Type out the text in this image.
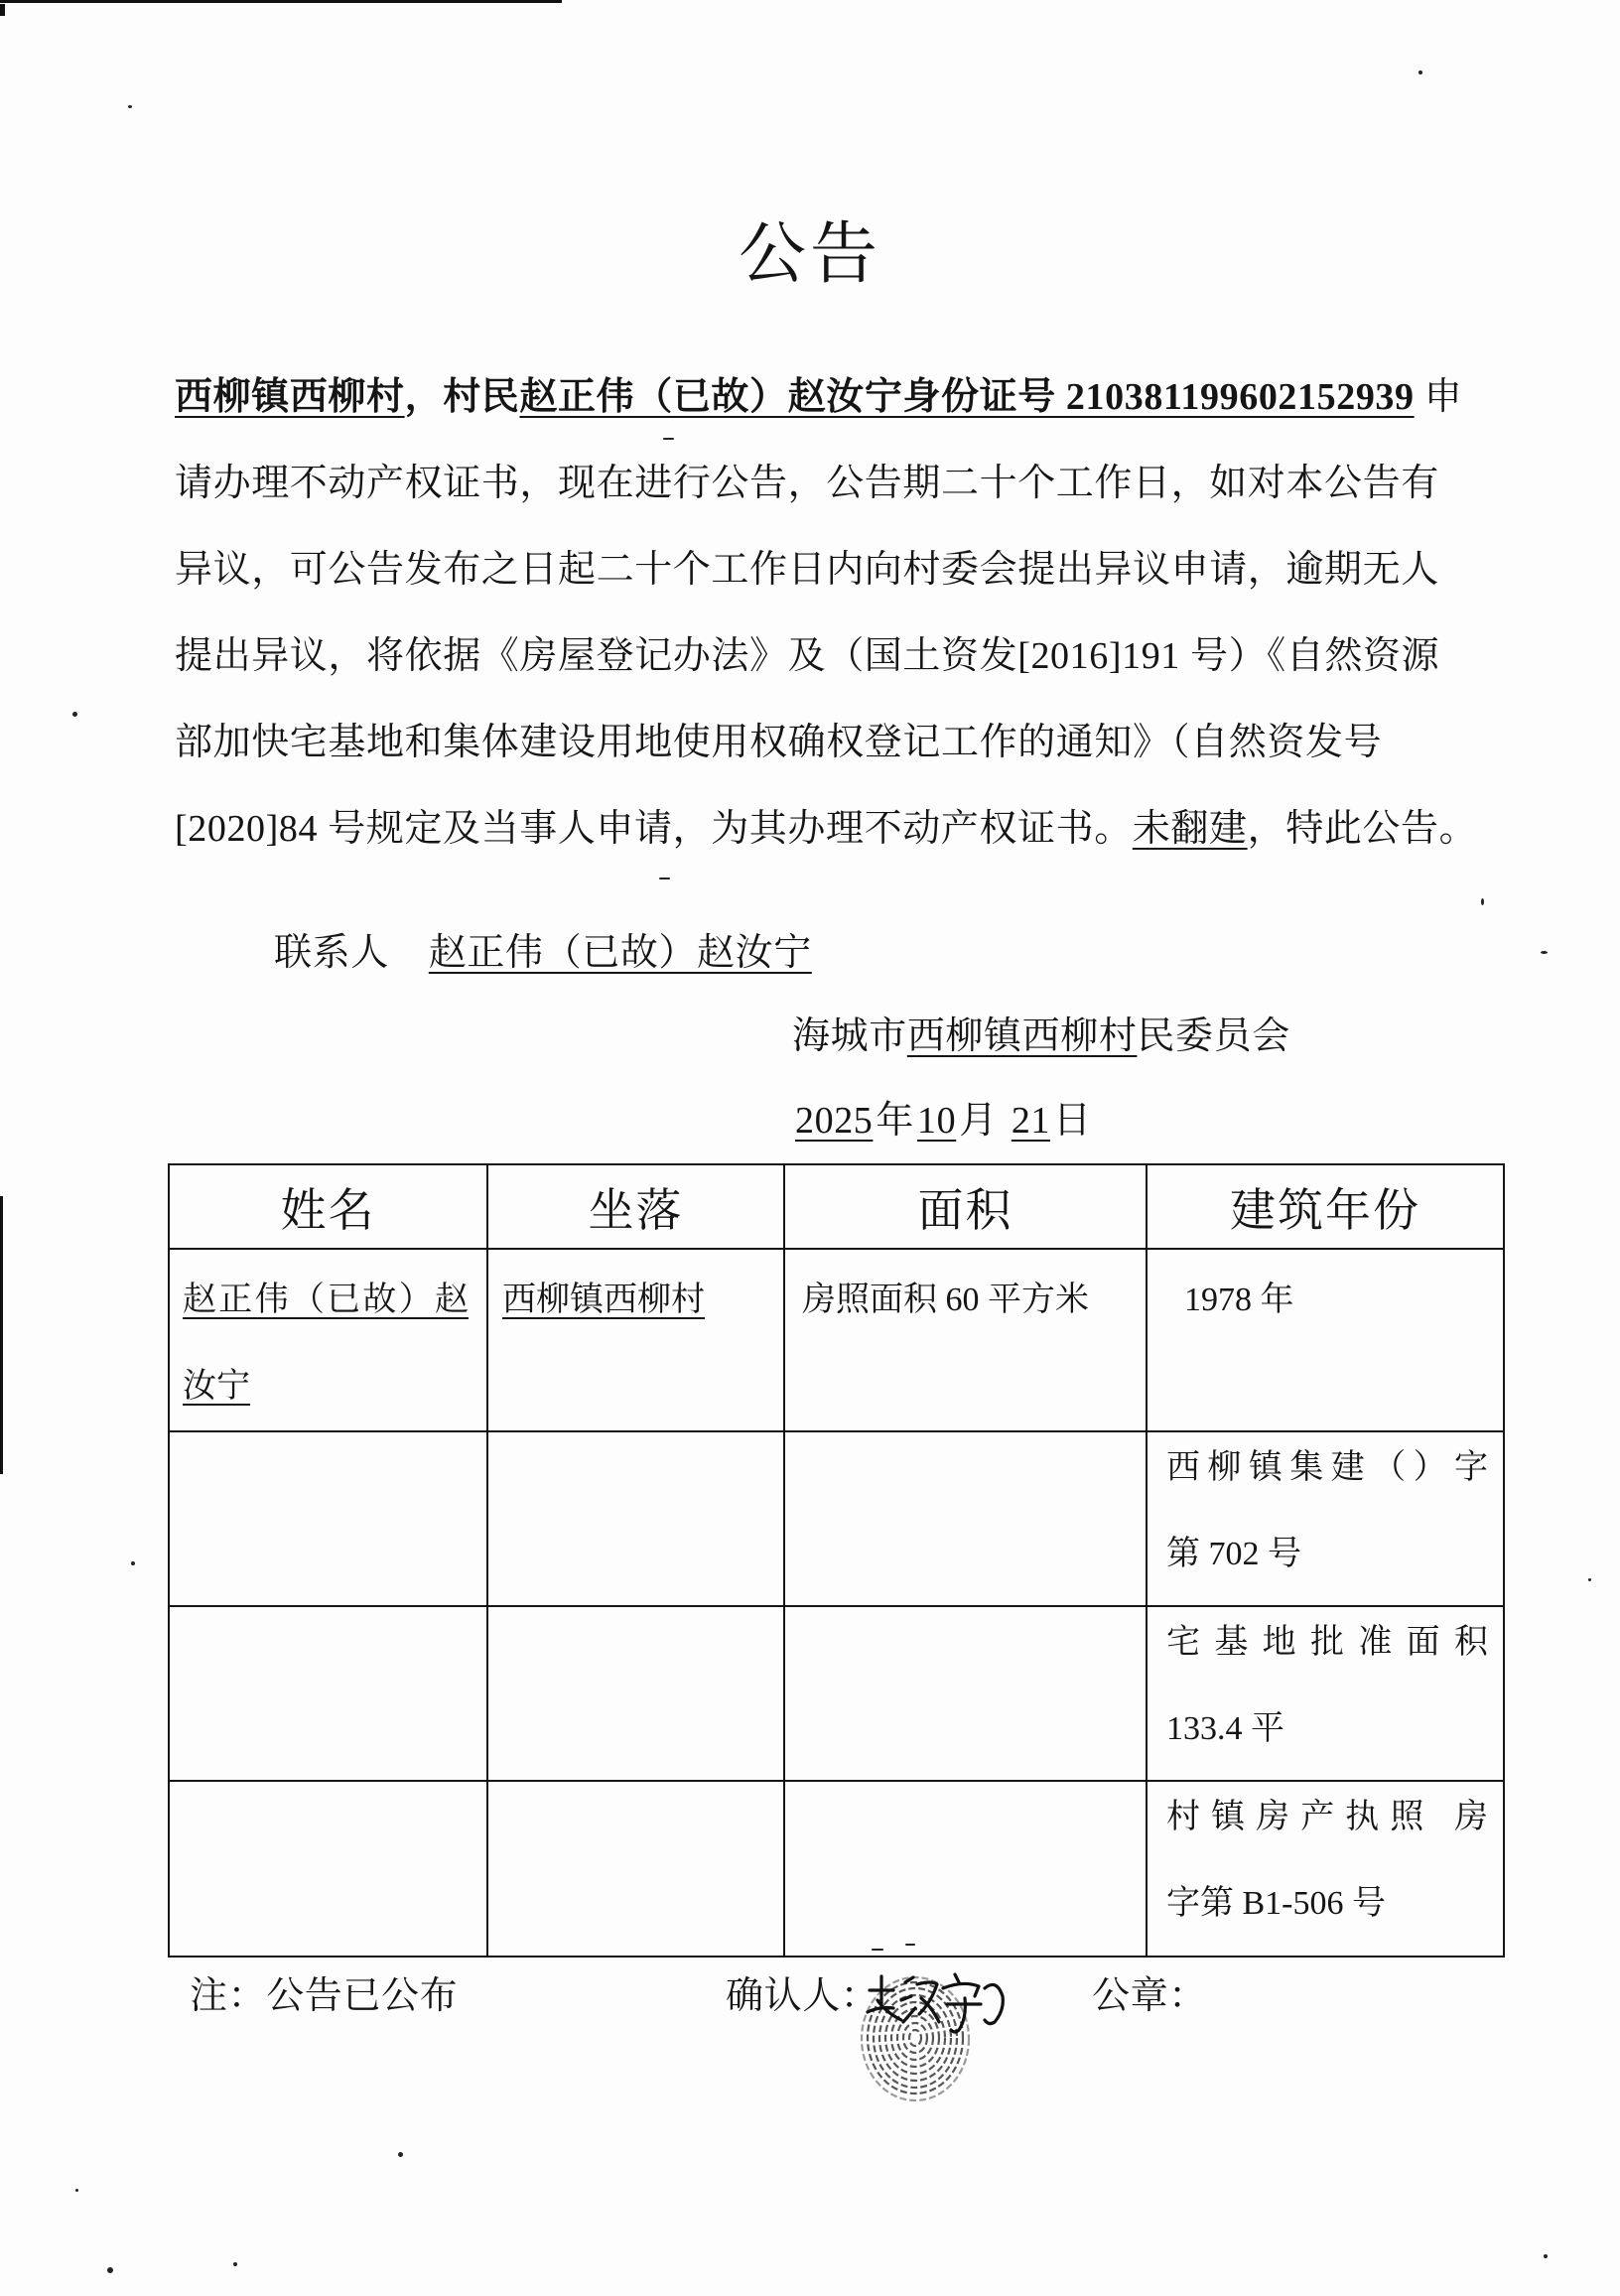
公告
西柳镇西柳村，村民赵正伟（已故）赵汝宁身份证号 210381199602152939 申
请办理不动产权证书，现在进行公告，公告期二十个工作日，如对本公告有
异议，可公告发布之日起二十个工作日内向村委会提出异议申请，逾期无人
提出异议，将依据《房屋登记办法》及（国土资发[2016]191 号）《自然资源
部加快宅基地和集体建设用地使用权确权登记工作的通知》（自然资发号
[2020]84 号规定及当事人申请，为其办理不动产权证书。未翻建，特此公告。
联系人 赵正伟（已故）赵汝宁
海城市西柳镇西柳村民委员会
2025年10月 21日
姓名	坐落	面积	建筑年份

赵正伟（已故）赵
汝宁	西柳镇西柳村	房照面积 60 平方米	1978 年

			西柳镇集建（）字
第 702 号

			宅基地批准面积
133.4 平

			村镇房产执照 房
字第 B1-506 号
注：公告已公布	确认人：	公章：
